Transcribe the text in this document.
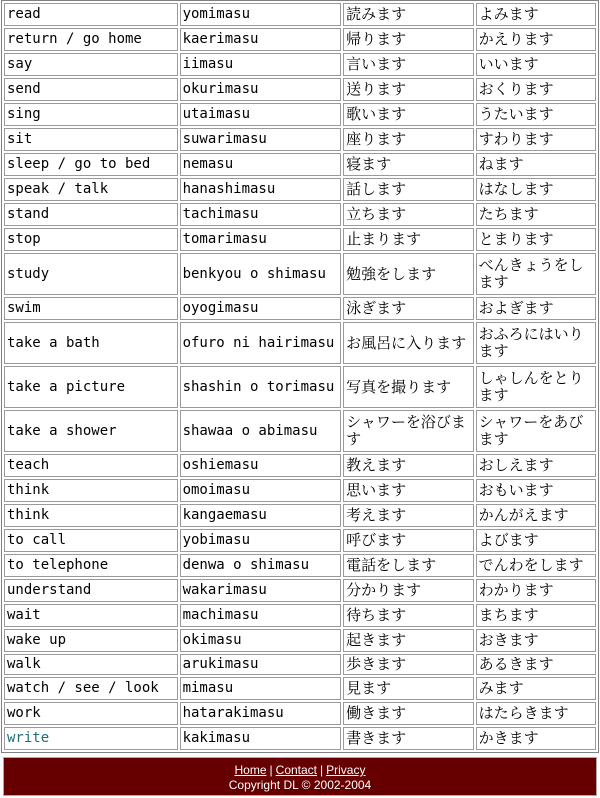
read	yomimasu	読みます	よみます
return / go home	kaerimasu	帰ります	かえります
say	iimasu	言います	いいます
send	okurimasu	送ります	おくります
sing	utaimasu	歌います	うたいます
sit	suwarimasu	座ります	すわります
sleep / go to bed	nemasu	寝ます	ねます
speak / talk	hanashimasu	話します	はなします
stand	tachimasu	立ちます	たちます
stop	tomarimasu	止まります	とまります
study	benkyou o shimasu	勉強をします	べんきょうをします
swim	oyogimasu	泳ぎます	およぎます
take a bath	ofuro ni hairimasu	お風呂に入ります	おふろにはいります
take a picture	shashin o torimasu	写真を撮ります	しゃしんをとります
take a shower	shawaa o abimasu	シャワーを浴びます	シャワーをあびます
teach	oshiemasu	教えます	おしえます
think	omoimasu	思います	おもいます
think	kangaemasu	考えます	かんがえます
to call	yobimasu	呼びます	よびます
to telephone	denwa o shimasu	電話をします	でんわをします
understand	wakarimasu	分かります	わかります
wait	machimasu	待ちます	まちます
wake up	okimasu	起きます	おきます
walk	arukimasu	歩きます	あるきます
watch / see / look	mimasu	見ます	みます
work	hatarakimasu	働きます	はたらきます
write	kakimasu	書きます	かきます
Home | Contact | Privacy
Copyright DL © 2002-2004
